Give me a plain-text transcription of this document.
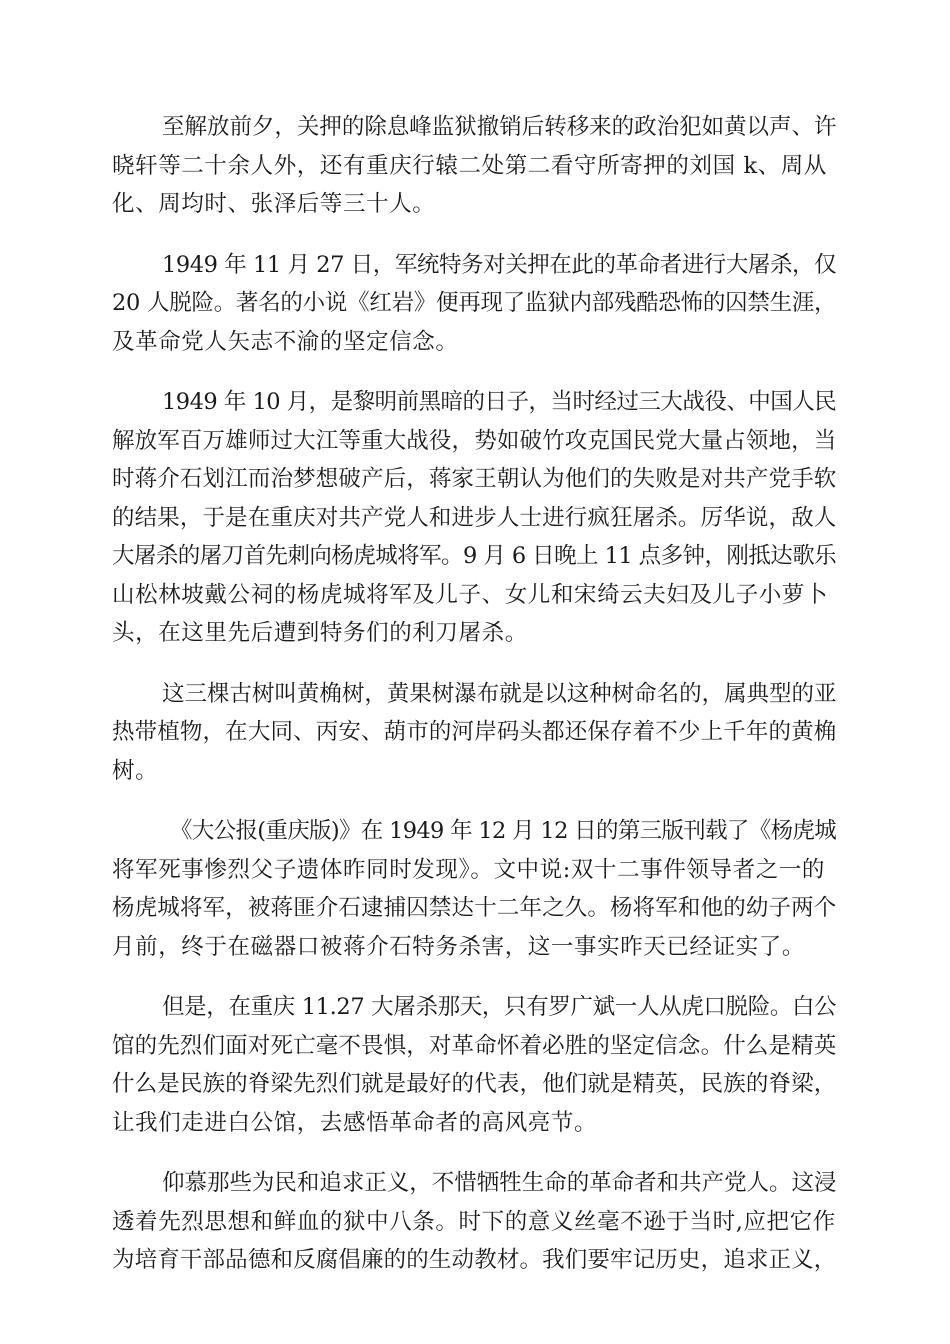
至解放前夕，关押的除息峰监狱撤销后转移来的政治犯如黄以声、许
晓轩等二十余人外，还有重庆行辕二处第二看守所寄押的刘国 k、周从
化、周均时、张泽后等三十人。

1949 年 11 月 27 日，军统特务对关押在此的革命者进行大屠杀，仅
20 人脱险。著名的小说《红岩》便再现了监狱内部残酷恐怖的囚禁生涯，
及革命党人矢志不渝的坚定信念。

1949 年 10 月，是黎明前黑暗的日子，当时经过三大战役、中国人民
解放军百万雄师过大江等重大战役，势如破竹攻克国民党大量占领地，当
时蒋介石划江而治梦想破产后，蒋家王朝认为他们的失败是对共产党手软
的结果，于是在重庆对共产党人和进步人士进行疯狂屠杀。厉华说，敌人
大屠杀的屠刀首先刺向杨虎城将军。9 月 6 日晚上 11 点多钟，刚抵达歌乐
山松林坡戴公祠的杨虎城将军及儿子、女儿和宋绮云夫妇及儿子小萝卜
头，在这里先后遭到特务们的利刀屠杀。

这三棵古树叫黄桷树，黄果树瀑布就是以这种树命名的，属典型的亚
热带植物，在大同、丙安、葫市的河岸码头都还保存着不少上千年的黄桷
树。

《大公报(重庆版)》在 1949 年 12 月 12 日的第三版刊载了《杨虎城
将军死事惨烈父子遗体昨同时发现》。文中说:双十二事件领导者之一的
杨虎城将军，被蒋匪介石逮捕囚禁达十二年之久。杨将军和他的幼子两个
月前，终于在磁器口被蒋介石特务杀害，这一事实昨天已经证实了。

但是，在重庆 11.27 大屠杀那天，只有罗广斌一人从虎口脱险。白公
馆的先烈们面对死亡毫不畏惧，对革命怀着必胜的坚定信念。什么是精英
什么是民族的脊梁先烈们就是最好的代表，他们就是精英，民族的脊梁，
让我们走进白公馆，去感悟革命者的高风亮节。

仰慕那些为民和追求正义，不惜牺牲生命的革命者和共产党人。这浸
透着先烈思想和鲜血的狱中八条。时下的意义丝毫不逊于当时,应把它作
为培育干部品德和反腐倡廉的的生动教材。我们要牢记历史，追求正义，
